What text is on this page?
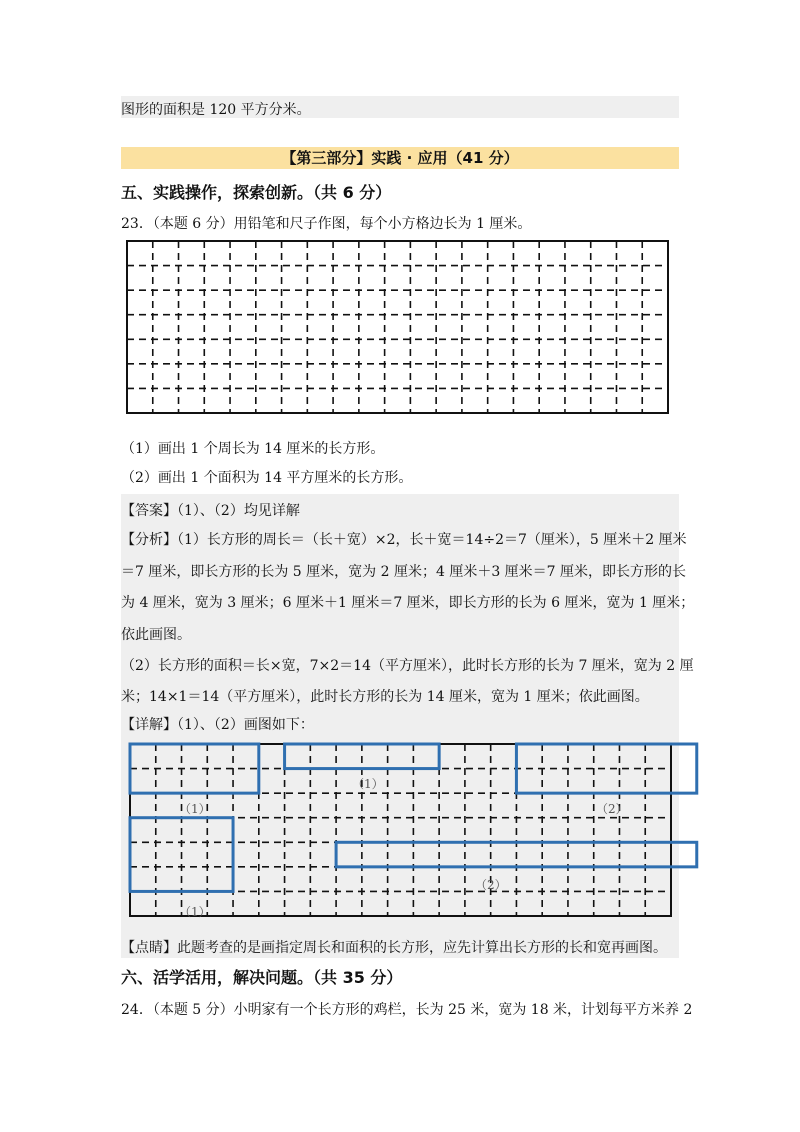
图形的面积是 120 平方分米。
【第三部分】实践 · 应用（41 分）
五、实践操作，探索创新。（共 6 分）
23．（本题 6 分）用铅笔和尺子作图，每个小方格边长为 1 厘米。
（1）画出 1 个周长为 14 厘米的长方形。
（2）画出 1 个面积为 14 平方厘米的长方形。
【答案】（1）、（2）均见详解
【分析】（1）长方形的周长＝（长＋宽）×2，长＋宽＝14÷2＝7（厘米），5 厘米＋2 厘米
＝7 厘米，即长方形的长为 5 厘米，宽为 2 厘米；4 厘米＋3 厘米＝7 厘米，即长方形的长
为 4 厘米，宽为 3 厘米；6 厘米＋1 厘米＝7 厘米，即长方形的长为 6 厘米，宽为 1 厘米；
依此画图。
（2）长方形的面积＝长×宽，7×2＝14（平方厘米），此时长方形的长为 7 厘米，宽为 2 厘
米；14×1＝14（平方厘米），此时长方形的长为 14 厘米，宽为 1 厘米；依此画图。
【详解】（1）、（2）画图如下：
（1）
（1）
（1）
（2）
（2）
【点睛】此题考查的是画指定周长和面积的长方形，应先计算出长方形的长和宽再画图。
六、活学活用，解决问题。（共 35 分）
24．（本题 5 分）小明家有一个长方形的鸡栏，长为 25 米，宽为 18 米，计划每平方米养 2
